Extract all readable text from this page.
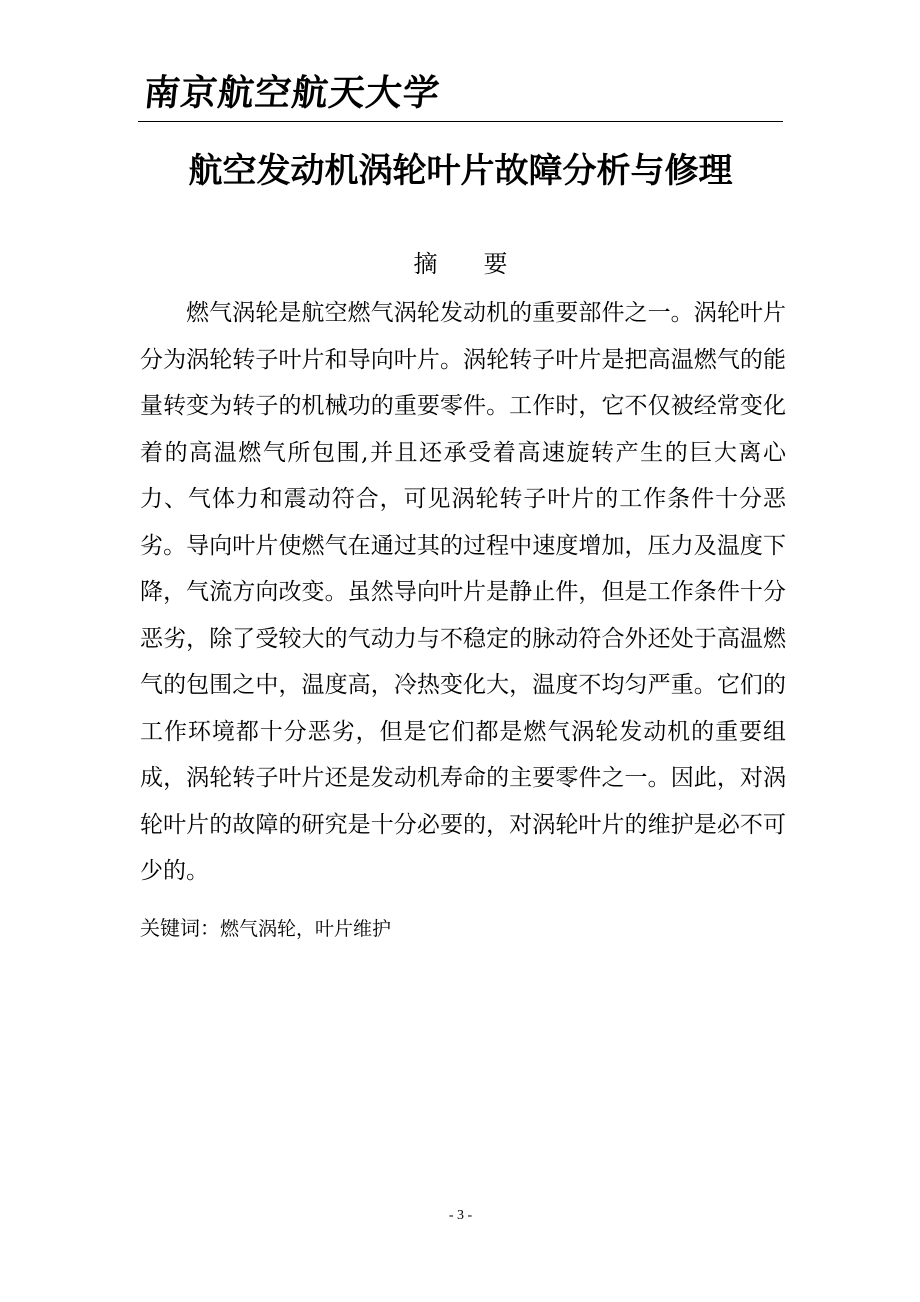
南京航空航天大学
航空发动机涡轮叶片故障分析与修理
摘要

燃气涡轮是航空燃气涡轮发动机的重要部件之一。涡轮叶片分为涡轮转子叶片和导向叶片。涡轮转子叶片是把高温燃气的能量转变为转子的机械功的重要零件。工作时，它不仅被经常变化着的高温燃气所包围,并且还承受着高速旋转产生的巨大离心力、气体力和震动符合，可见涡轮转子叶片的工作条件十分恶劣。导向叶片使燃气在通过其的过程中速度增加，压力及温度下降，气流方向改变。虽然导向叶片是静止件，但是工作条件十分恶劣，除了受较大的气动力与不稳定的脉动符合外还处于高温燃气的包围之中，温度高，冷热变化大，温度不均匀严重。它们的工作环境都十分恶劣，但是它们都是燃气涡轮发动机的重要组成，涡轮转子叶片还是发动机寿命的主要零件之一。因此，对涡轮叶片的故障的研究是十分必要的，对涡轮叶片的维护是必不可少的。

关键词：燃气涡轮，叶片维护
- 3 -
